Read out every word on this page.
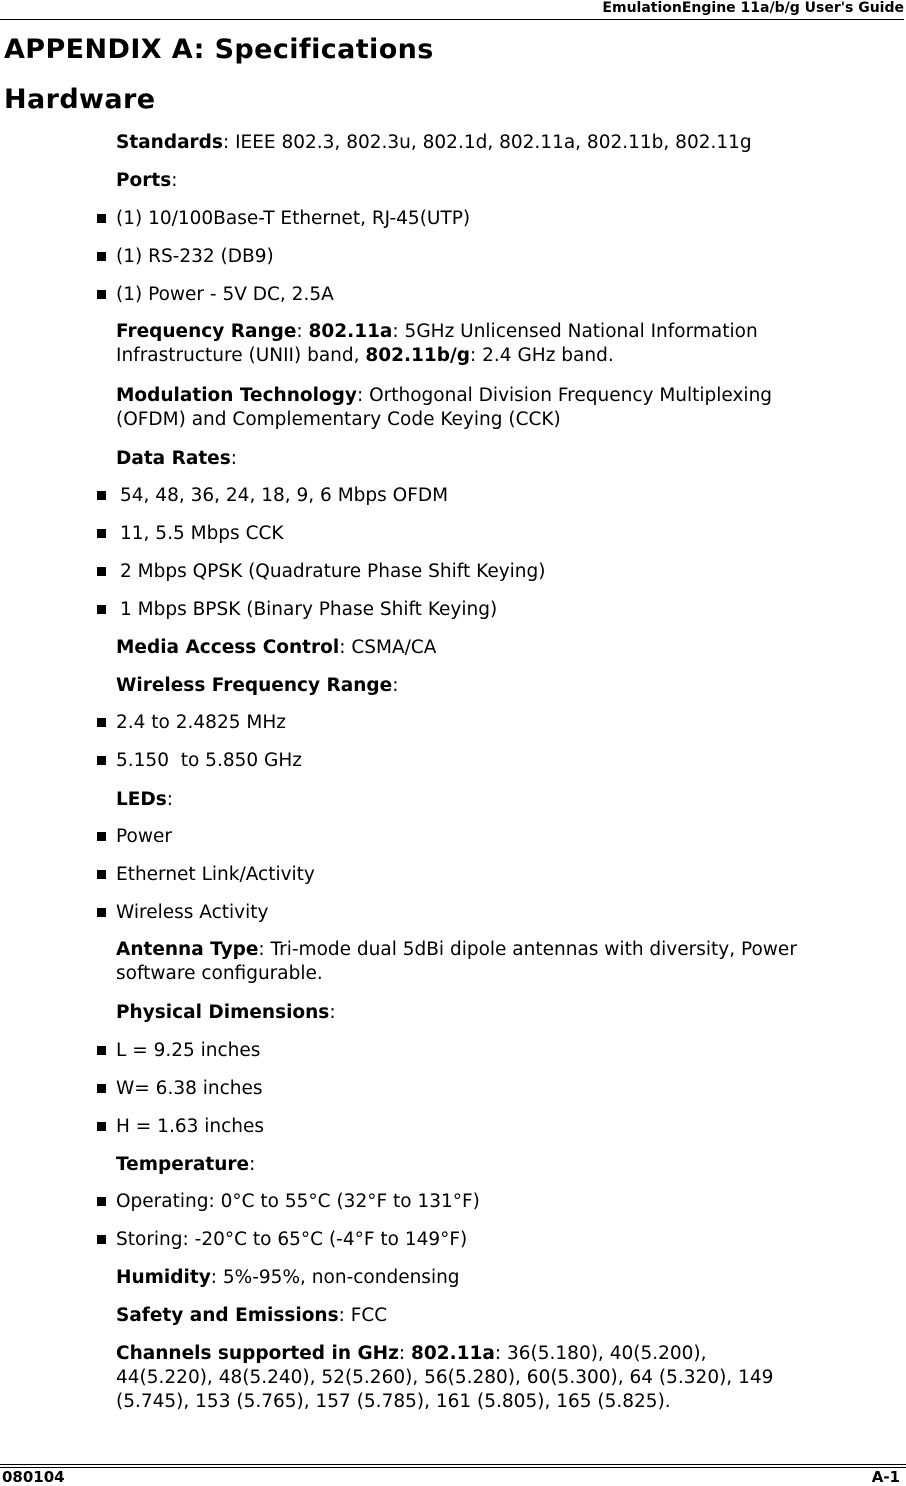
EmulationEngine 11a/b/g User's Guide
APPENDIX A: Specifications
Hardware
Standards: IEEE 802.3, 802.3u, 802.1d, 802.11a, 802.11b, 802.11g
Ports:
(1) 10/100Base-T Ethernet, RJ-45(UTP)
(1) RS-232 (DB9)
(1) Power - 5V DC, 2.5A
Frequency Range: 802.11a: 5GHz Unlicensed National Information
Infrastructure (UNII) band, 802.11b/g: 2.4 GHz band.
Modulation Technology: Orthogonal Division Frequency Multiplexing
(OFDM) and Complementary Code Keying (CCK)
Data Rates:
54, 48, 36, 24, 18, 9, 6 Mbps OFDM
11, 5.5 Mbps CCK
2 Mbps QPSK (Quadrature Phase Shift Keying)
1 Mbps BPSK (Binary Phase Shift Keying)
Media Access Control: CSMA/CA
Wireless Frequency Range:
2.4 to 2.4825 MHz
5.150  to 5.850 GHz
LEDs:
Power
Ethernet Link/Activity
Wireless Activity
Antenna Type: Tri-mode dual 5dBi dipole antennas with diversity, Power
software configurable.
Physical Dimensions:
L = 9.25 inches
W= 6.38 inches
H = 1.63 inches
Temperature:
Operating: 0°C to 55°C (32°F to 131°F)
Storing: -20°C to 65°C (-4°F to 149°F)
Humidity: 5%-95%, non-condensing
Safety and Emissions: FCC
Channels supported in GHz: 802.11a: 36(5.180), 40(5.200),
44(5.220), 48(5.240), 52(5.260), 56(5.280), 60(5.300), 64 (5.320), 149
(5.745), 153 (5.765), 157 (5.785), 161 (5.805), 165 (5.825).
080104	A-1
